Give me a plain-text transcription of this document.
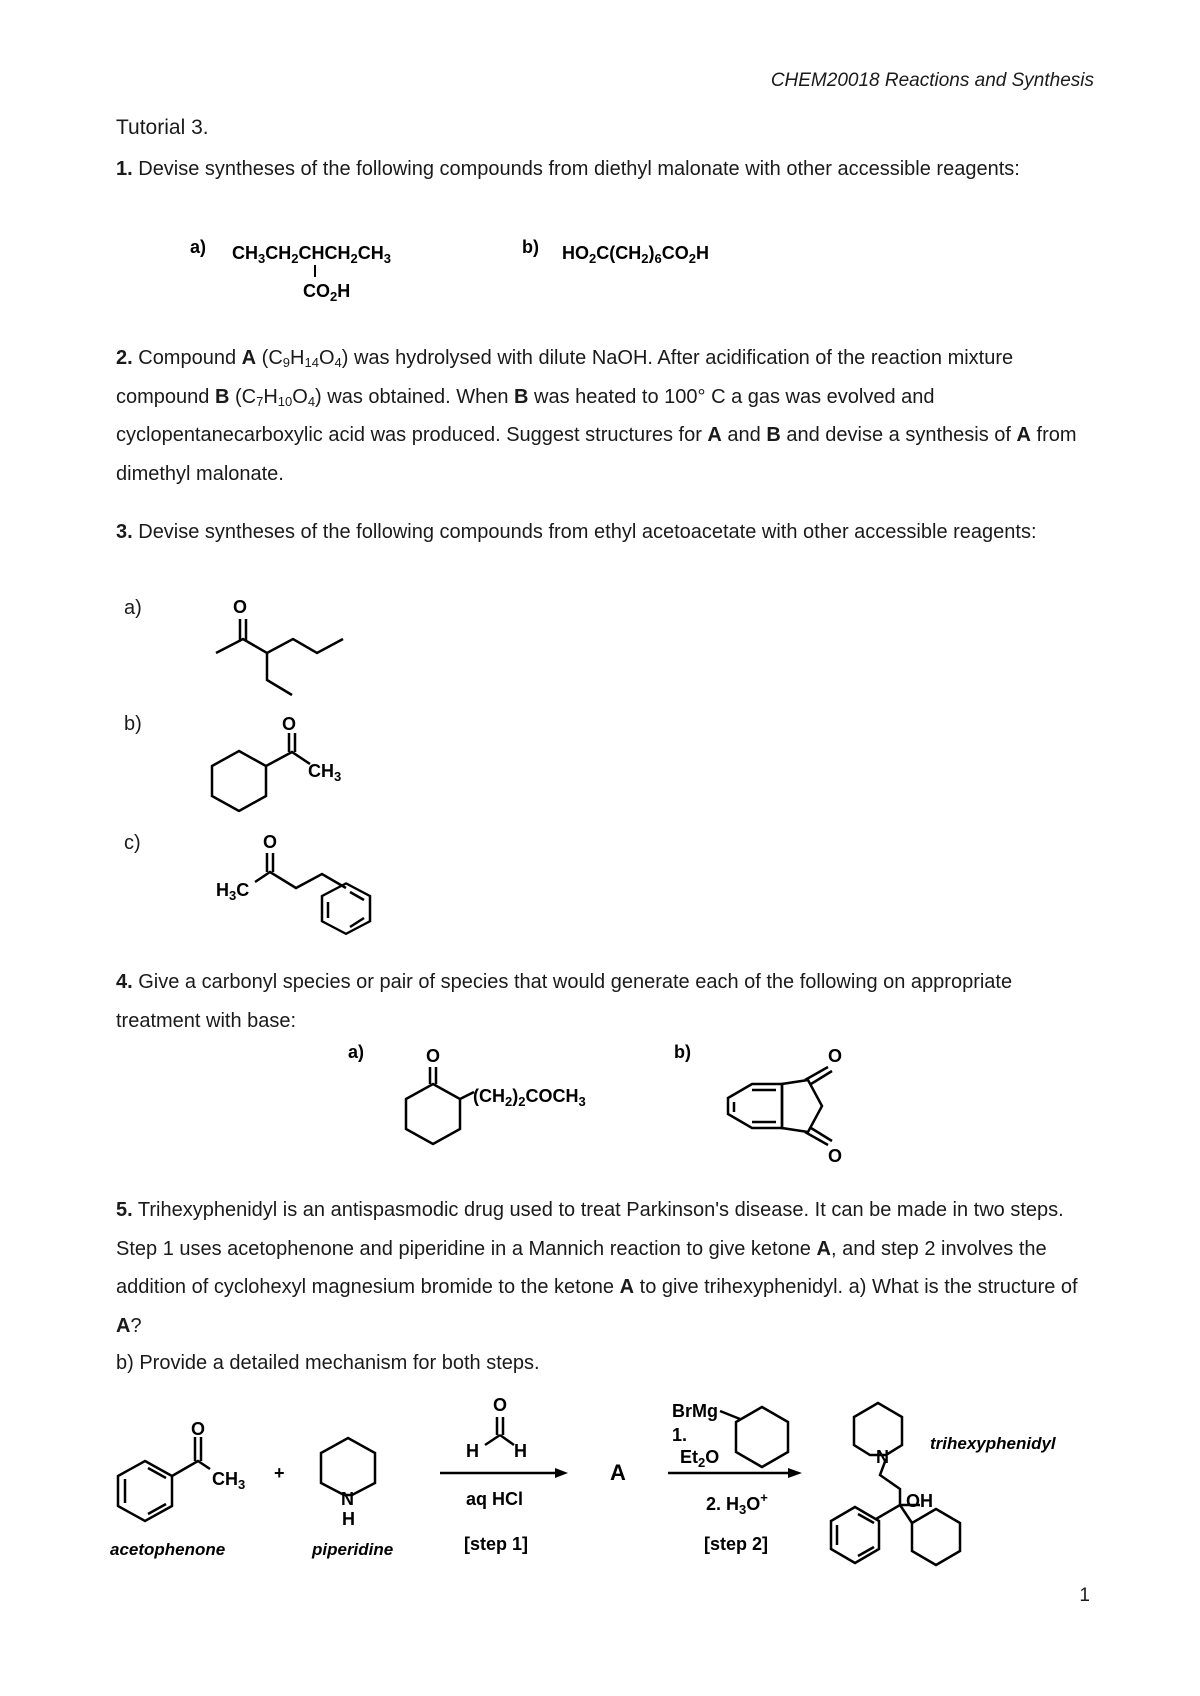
CHEM20018 Reactions and Synthesis
Tutorial 3.

1. Devise syntheses of the following compounds from diethyl malonate with other accessible reagents:

a) $CH_3CH_2CHCH_2CH_3$
$CO_2H$
b) $HO_2C(CH_2)_6CO_2H$

2. Compound A $(C_9H_{14}O_4)$ was hydrolysed with dilute NaOH. After acidification of the reaction mixture compound B $(C_7H_{10}O_4)$ was obtained. When B was heated to 100° C a gas was evolved and cyclopentanecarboxylic acid was produced. Suggest structures for A and B and devise a synthesis of A from dimethyl malonate.

3. Devise syntheses of the following compounds from ethyl acetoacetate with other accessible reagents:

a)
b)
c)
O
O
$CH_3$
O
$H_3C$

4. Give a carbonyl species or pair of species that would generate each of the following on appropriate treatment with base:

a)	O
$(CH_2)_2COCH_3$
b)	O
O

5. Trihexyphenidyl is an antispasmodic drug used to treat Parkinson's disease. It can be made in two steps. Step 1 uses acetophenone and piperidine in a Mannich reaction to give ketone A, and step 2 involves the addition of cyclohexyl magnesium bromide to the ketone A to give trihexyphenidyl. a) What is the structure of A?

b) Provide a detailed mechanism for both steps.

O
$CH_3$
acetophenone
+
N
H
piperidine
O
H H
aq HCl
[step 1]
A
BrMg
1.
$Et_2O$
2. $H_3O^+$
[step 2]
N
OH
trihexyphenidyl
1
